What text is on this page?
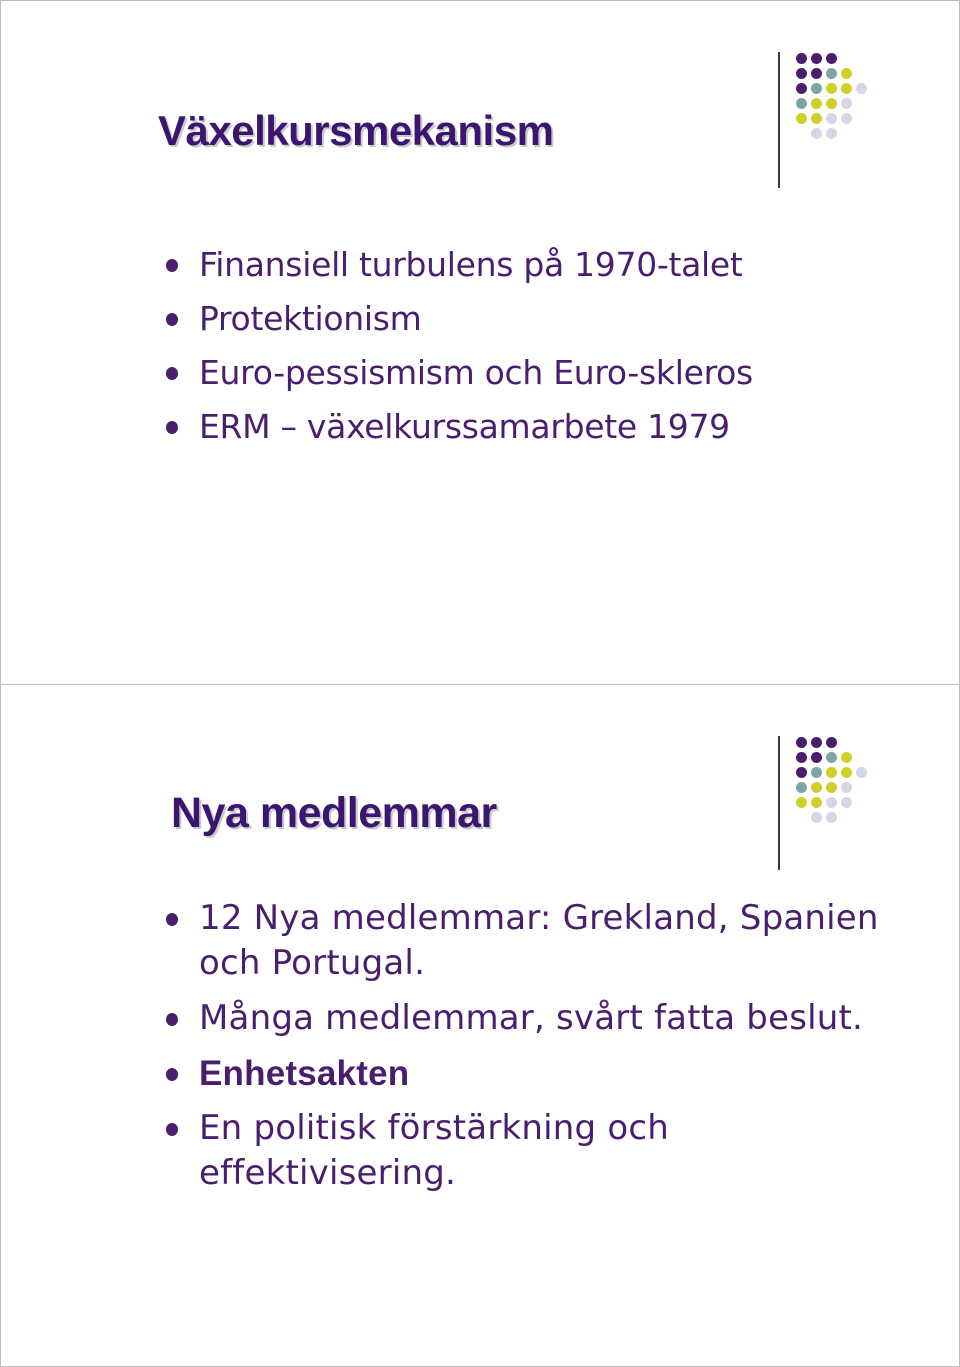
Växelkursmekanism
Finansiell turbulens på 1970-talet
Protektionism
Euro-pessismism och Euro-skleros
ERM – växelkurssamarbete 1979
Nya medlemmar
12 Nya medlemmar: Grekland, Spanien och Portugal.
Många medlemmar, svårt fatta beslut.
Enhetsakten
En politisk förstärkning och effektivisering.
